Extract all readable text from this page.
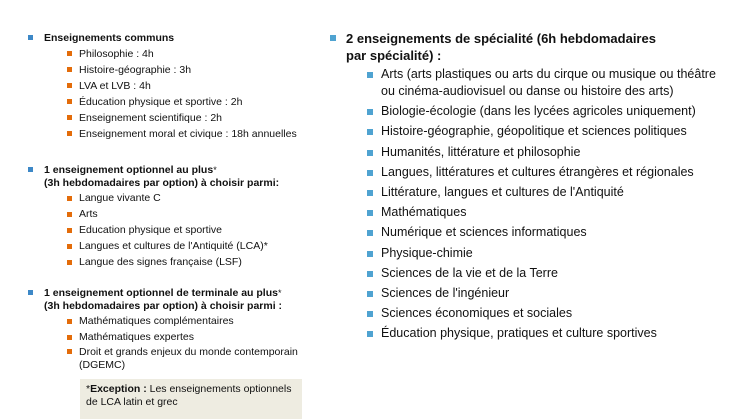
Enseignements communs
Philosophie : 4h
Histoire-géographie : 3h
LVA et LVB : 4h
Éducation physique et sportive : 2h
Enseignement scientifique : 2h
Enseignement moral et civique : 18h annuelles
1 enseignement optionnel au plus*
(3h hebdomadaires par option) à choisir parmi:
Langue vivante C
Arts
Education physique et sportive
Langues et cultures de l'Antiquité (LCA)*
Langue des signes française (LSF)
1 enseignement optionnel de terminale au plus*
(3h hebdomadaires par option) à choisir parmi :
Mathématiques complémentaires
Mathématiques expertes
Droit et grands enjeux du monde contemporain (DGEMC)
*Exception : Les enseignements optionnels de LCA latin et grec
2 enseignements de spécialité (6h hebdomadaires
par spécialité) :
Arts (arts plastiques ou arts du cirque ou musique ou théâtre ou cinéma-audiovisuel ou danse ou histoire des arts)
Biologie-écologie (dans les lycées agricoles uniquement)
Histoire-géographie, géopolitique et sciences politiques
Humanités, littérature et philosophie
Langues, littératures et cultures étrangères et régionales
Littérature, langues et cultures de l'Antiquité
Mathématiques
Numérique et sciences informatiques
Physique-chimie
Sciences de la vie et de la Terre
Sciences de l'ingénieur
Sciences économiques et sociales
Éducation physique, pratiques et culture sportives
